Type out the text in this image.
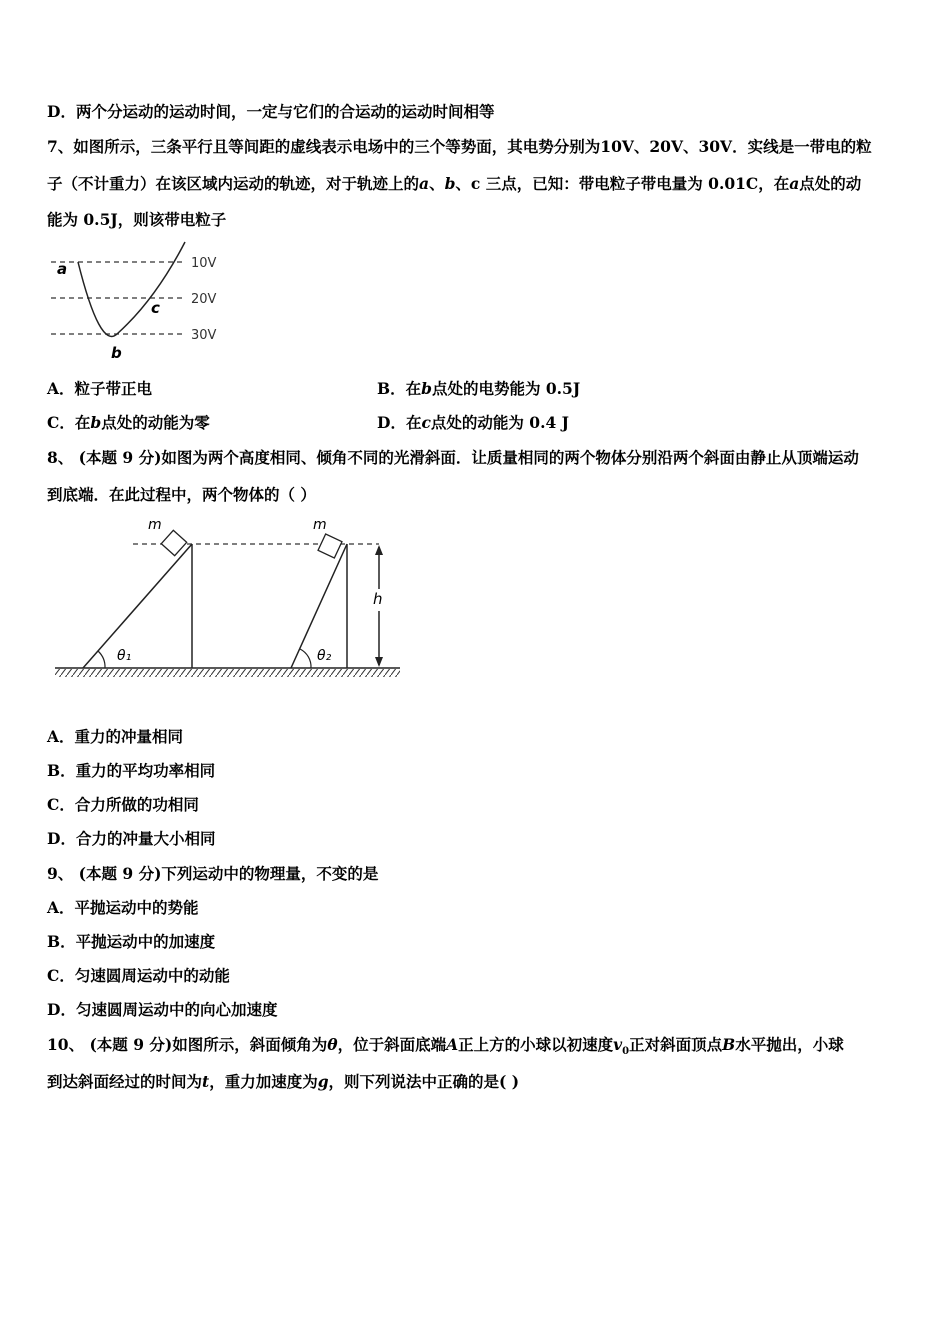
D．两个分运动的运动时间，一定与它们的合运动的运动时间相等
7、如图所示，三条平行且等间距的虚线表示电场中的三个等势面，其电势分别为10V、20V、30V．实线是一带电的粒
子（不计重力）在该区域内运动的轨迹，对于轨迹上的a、b、c 三点，已知：带电粒子带电量为 0.01C，在a点处的动
能为 0.5J，则该带电粒子
a
b
c
10V
20V
30V
A．粒子带正电	B．在b点处的电势能为 0.5J
C．在b点处的动能为零	D．在c点处的动能为 0.4 J
8、 (本题 9 分)如图为两个高度相同、倾角不同的光滑斜面．让质量相同的两个物体分别沿两个斜面由静止从顶端运动
到底端．在此过程中，两个物体的（ ）
θ₁
m
θ₂
m
h
A．重力的冲量相同
B．重力的平均功率相同
C．合力所做的功相同
D．合力的冲量大小相同
9、 (本题 9 分)下列运动中的物理量，不变的是
A．平抛运动中的势能
B．平抛运动中的加速度
C．匀速圆周运动中的动能
D．匀速圆周运动中的向心加速度
10、 (本题 9 分)如图所示，斜面倾角为θ，位于斜面底端A正上方的小球以初速度$v_0$正对斜面顶点B水平抛出，小球
到达斜面经过的时间为t，重力加速度为g，则下列说法中正确的是( )
